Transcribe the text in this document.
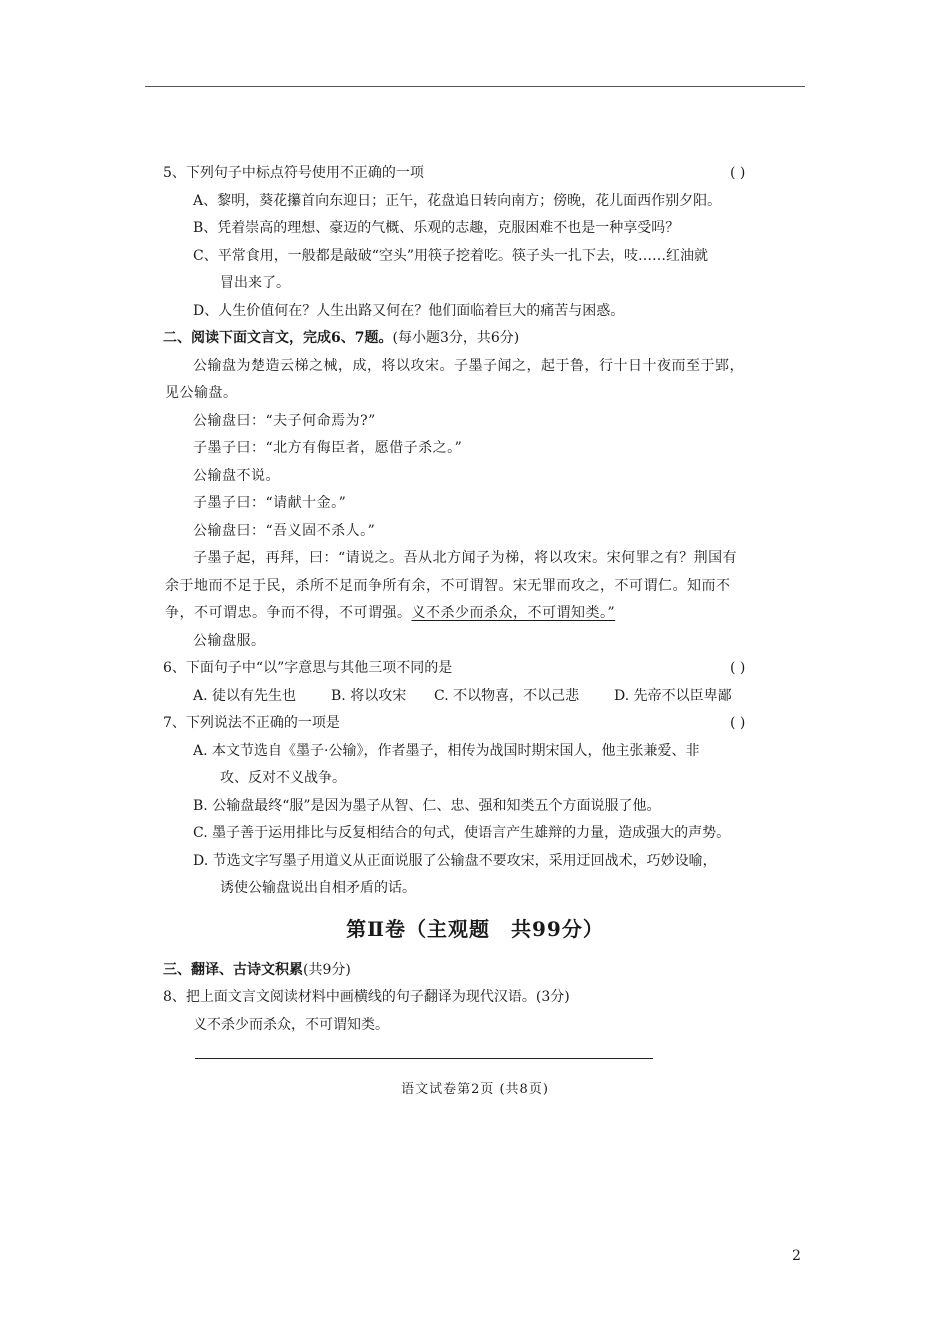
5、下列句子中标点符号使用不正确的一项	( )
A、黎明，葵花攥首向东迎日；正午，花盘追日转向南方；傍晚，花儿面西作别夕阳。
B、凭着崇高的理想、豪迈的气概、乐观的志趣，克服困难不也是一种享受吗？
C、平常食用，一般都是敲破“空头”用筷子挖着吃。筷子头一扎下去，吱……红油就
冒出来了。
D、人生价值何在？人生出路又何在？他们面临着巨大的痛苦与困惑。
二、阅读下面文言文，完成6、7题。(每小题3分，共6分)
公输盘为楚造云梯之械，成，将以攻宋。子墨子闻之，起于鲁，行十日十夜而至于郢，
见公输盘。
公输盘曰：“夫子何命焉为?”
子墨子曰：“北方有侮臣者，愿借子杀之。”
公输盘不说。
子墨子曰：“请献十金。”
公输盘曰：“吾义固不杀人。”
子墨子起，再拜，曰：“请说之。吾从北方闻子为梯，将以攻宋。宋何罪之有？荆国有
余于地而不足于民，杀所不足而争所有余，不可谓智。宋无罪而攻之，不可谓仁。知而不
争，不可谓忠。争而不得，不可谓强。义不杀少而杀众，不可谓知类。”
公输盘服。
6、下面句子中“以”字意思与其他三项不同的是	( )
A. 徒以有先生也 B. 将以攻宋 C. 不以物喜，不以己悲 D. 先帝不以臣卑鄙
7、下列说法不正确的一项是	( )
A. 本文节选自《墨子·公输》，作者墨子，相传为战国时期宋国人，他主张兼爱、非
攻、反对不义战争。
B. 公输盘最终“服”是因为墨子从智、仁、忠、强和知类五个方面说服了他。
C. 墨子善于运用排比与反复相结合的句式，使语言产生雄辩的力量，造成强大的声势。
D. 节选文字写墨子用道义从正面说服了公输盘不要攻宋，采用迂回战术，巧妙设喻，
诱使公输盘说出自相矛盾的话。
第Ⅱ卷（主观题　共99分）
三、翻译、古诗文积累(共9分)
8、把上面文言文阅读材料中画横线的句子翻译为现代汉语。(3分)
义不杀少而杀众，不可谓知类。
语文试卷第2页 (共8页)
2
